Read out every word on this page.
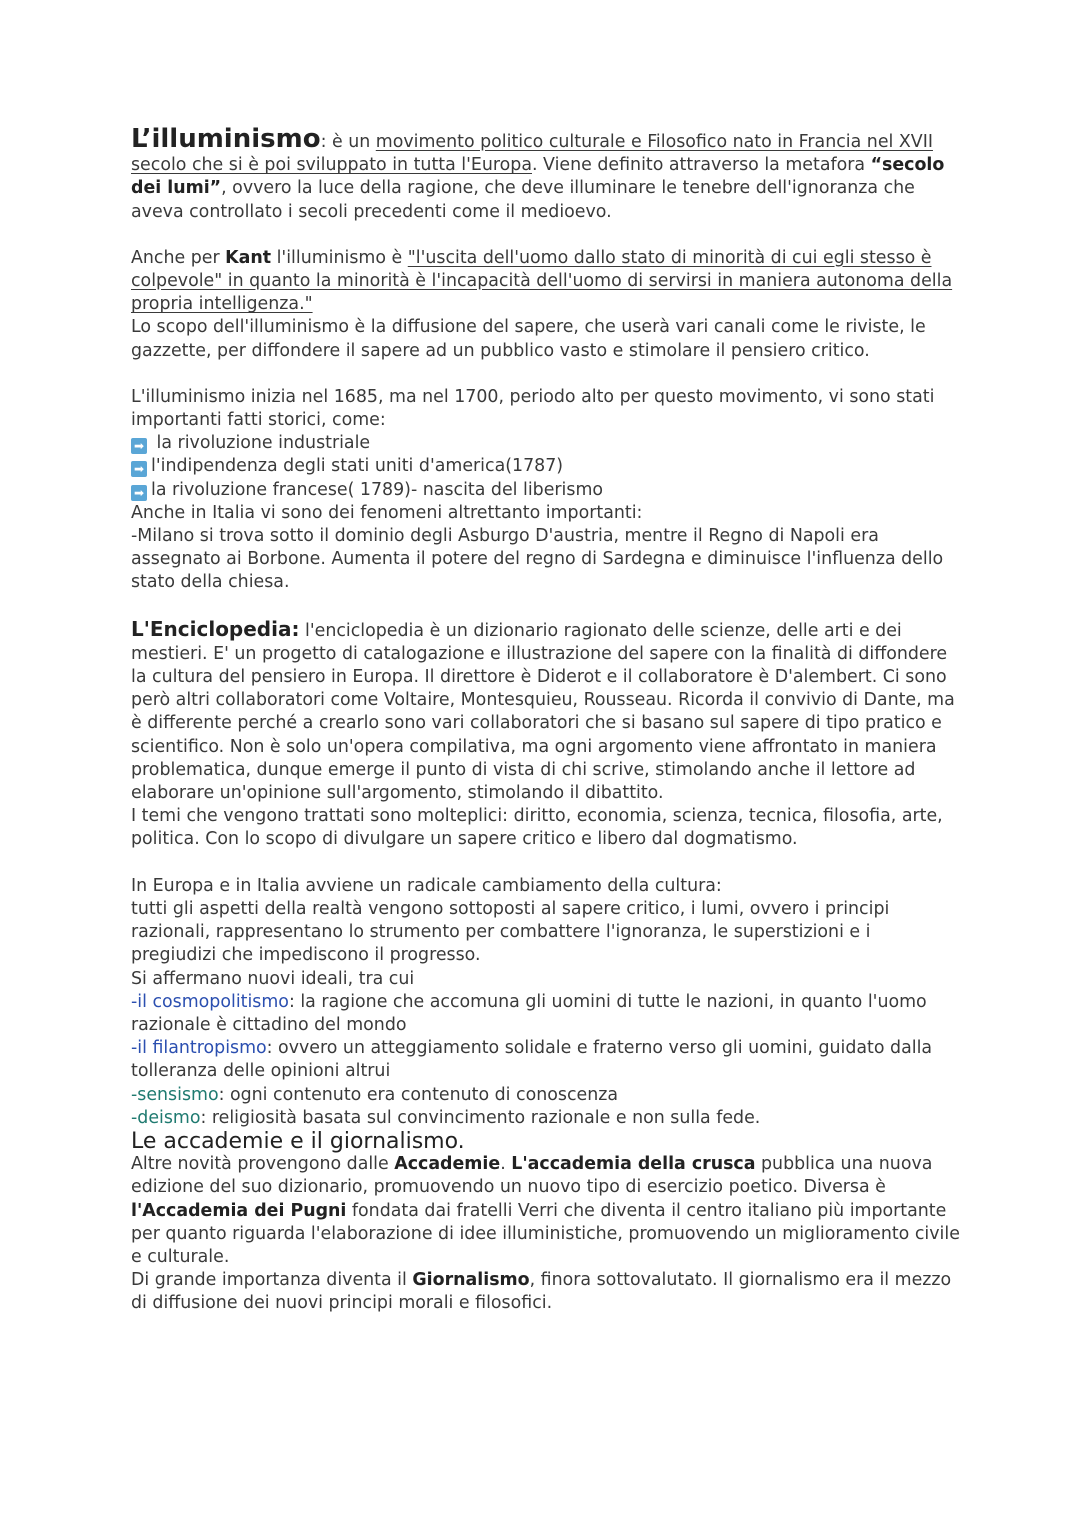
L’illuminismo: è un movimento politico culturale e Filosofico nato in Francia nel XVII secolo che si è poi sviluppato in tutta l'Europa. Viene definito attraverso la metafora “secolo dei lumi”, ovvero la luce della ragione, che deve illuminare le tenebre dell'ignoranza che aveva controllato i secoli precedenti come il medioevo.

Anche per Kant l'illuminismo è "l'uscita dell'uomo dallo stato di minorità di cui egli stesso è colpevole" in quanto la minorità è l'incapacità dell'uomo di servirsi in maniera autonoma della propria intelligenza."

Lo scopo dell'illuminismo è la diffusione del sapere, che userà vari canali come le riviste, le gazzette, per diffondere il sapere ad un pubblico vasto e stimolare il pensiero critico.

L'illuminismo inizia nel 1685, ma nel 1700, periodo alto per questo movimento, vi sono stati importanti fatti storici, come:

➡ la rivoluzione industriale

➡ l'indipendenza degli stati uniti d'america(1787)

➡ la rivoluzione francese( 1789)- nascita del liberismo

Anche in Italia vi sono dei fenomeni altrettanto importanti:

-Milano si trova sotto il dominio degli Asburgo D'austria, mentre il Regno di Napoli era assegnato ai Borbone. Aumenta il potere del regno di Sardegna e diminuisce l'influenza dello stato della chiesa.

L'Enciclopedia: l'enciclopedia è un dizionario ragionato delle scienze, delle arti e dei mestieri. E' un progetto di catalogazione e illustrazione del sapere con la finalità di diffondere la cultura del pensiero in Europa. Il direttore è Diderot e il collaboratore è D'alembert. Ci sono però altri collaboratori come Voltaire, Montesquieu, Rousseau. Ricorda il convivio di Dante, ma è differente perché a crearlo sono vari collaboratori che si basano sul sapere di tipo pratico e scientifico. Non è solo un'opera compilativa, ma ogni argomento viene affrontato in maniera problematica, dunque emerge il punto di vista di chi scrive, stimolando anche il lettore ad elaborare un'opinione sull'argomento, stimolando il dibattito.

I temi che vengono trattati sono molteplici: diritto, economia, scienza, tecnica, filosofia, arte, politica. Con lo scopo di divulgare un sapere critico e libero dal dogmatismo.

In Europa e in Italia avviene un radicale cambiamento della cultura:

tutti gli aspetti della realtà vengono sottoposti al sapere critico, i lumi, ovvero i principi razionali, rappresentano lo strumento per combattere l'ignoranza, le superstizioni e i pregiudizi che impediscono il progresso.

Si affermano nuovi ideali, tra cui

-il cosmopolitismo: la ragione che accomuna gli uomini di tutte le nazioni, in quanto l'uomo razionale è cittadino del mondo

-il filantropismo: ovvero un atteggiamento solidale e fraterno verso gli uomini, guidato dalla tolleranza delle opinioni altrui

-sensismo: ogni contenuto era contenuto di conoscenza

-deismo: religiosità basata sul convincimento razionale e non sulla fede.

Le accademie e il giornalismo.

Altre novità provengono dalle Accademie. L'accademia della crusca pubblica una nuova edizione del suo dizionario, promuovendo un nuovo tipo di esercizio poetico. Diversa è l'Accademia dei Pugni fondata dai fratelli Verri che diventa il centro italiano più importante per quanto riguarda l'elaborazione di idee illuministiche, promuovendo un miglioramento civile e culturale.

Di grande importanza diventa il Giornalismo, finora sottovalutato. Il giornalismo era il mezzo di diffusione dei nuovi principi morali e filosofici.
